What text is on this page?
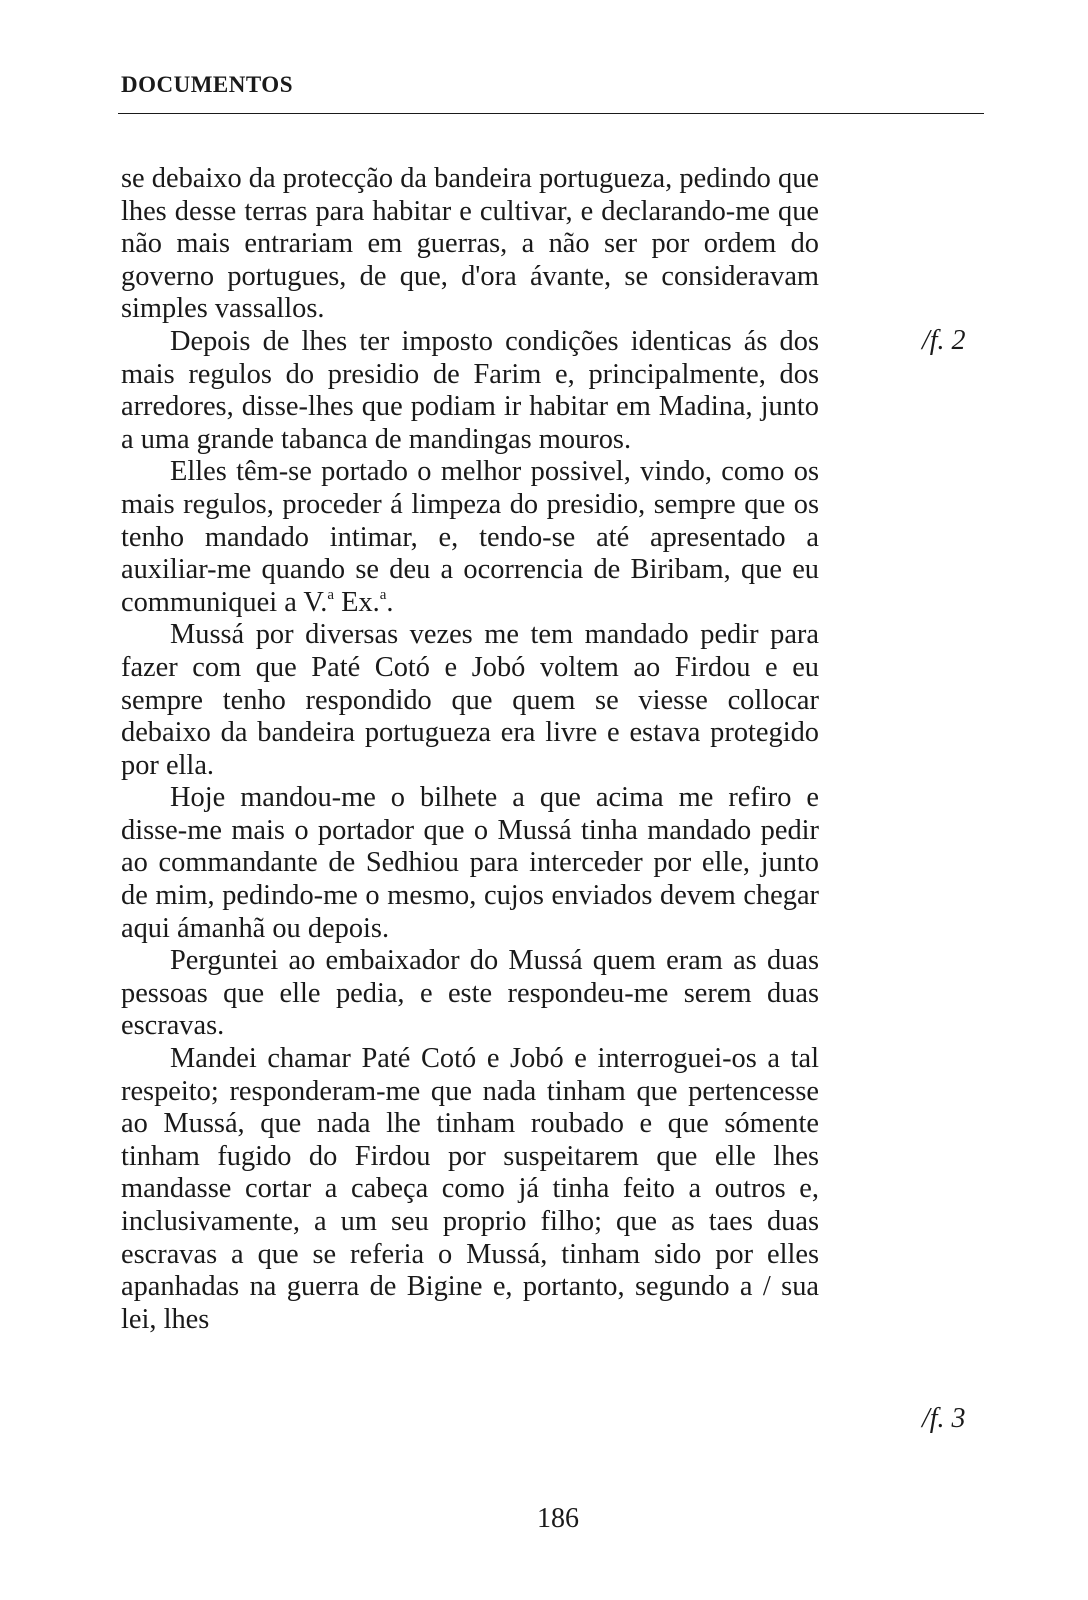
DOCUMENTOS

se debaixo da protecção da bandeira portugueza, pedindo que lhes desse terras para habitar e cultivar, e declarando-me que não mais entrariam em guerras, a não ser por ordem do governo portugues, de que, d'ora ávante, se consideravam simples vassallos.

Depois de lhes ter imposto condições identicas ás dos mais regulos do presidio de Farim e, principalmente, dos arredores, disse-lhes que podiam ir habitar em Madina, junto a uma grande tabanca de mandingas mouros.

Elles têm-se portado o melhor possivel, vindo, como os mais regulos, proceder á limpeza do presidio, sempre que os tenho mandado intimar, e, tendo-se até apresentado a auxiliar-me quando se deu a ocorrencia de Biribam, que eu communiquei a V.$^a$ Ex.$^a$.

Mussá por diversas vezes me tem mandado pedir para fazer com que Paté Cotó e Jobó voltem ao Firdou e eu sempre tenho respondido que quem se viesse collocar debaixo da bandeira portugueza era livre e estava protegido por ella.

Hoje mandou-me o bilhete a que acima me refiro e disse-me mais o portador que o Mussá tinha mandado pedir ao commandante de Sedhiou para interceder por elle, junto de mim, pedindo-me o mesmo, cujos enviados devem chegar aqui ámanhã ou depois.

Perguntei ao embaixador do Mussá quem eram as duas pessoas que elle pedia, e este respondeu-me serem duas escravas.

Mandei chamar Paté Cotó e Jobó e interroguei-os a tal respeito; responderam-me que nada tinham que pertencesse ao Mussá, que nada lhe tinham roubado e que sómente tinham fugido do Firdou por suspeitarem que elle lhes mandasse cortar a cabeça como já tinha feito a outros e, inclusivamente, a um seu proprio filho; que as taes duas escravas a que se referia o Mussá, tinham sido por elles apanhadas na guerra de Bigine e, portanto, segundo a / sua lei, lhes

/f. 2
/f. 3
186
